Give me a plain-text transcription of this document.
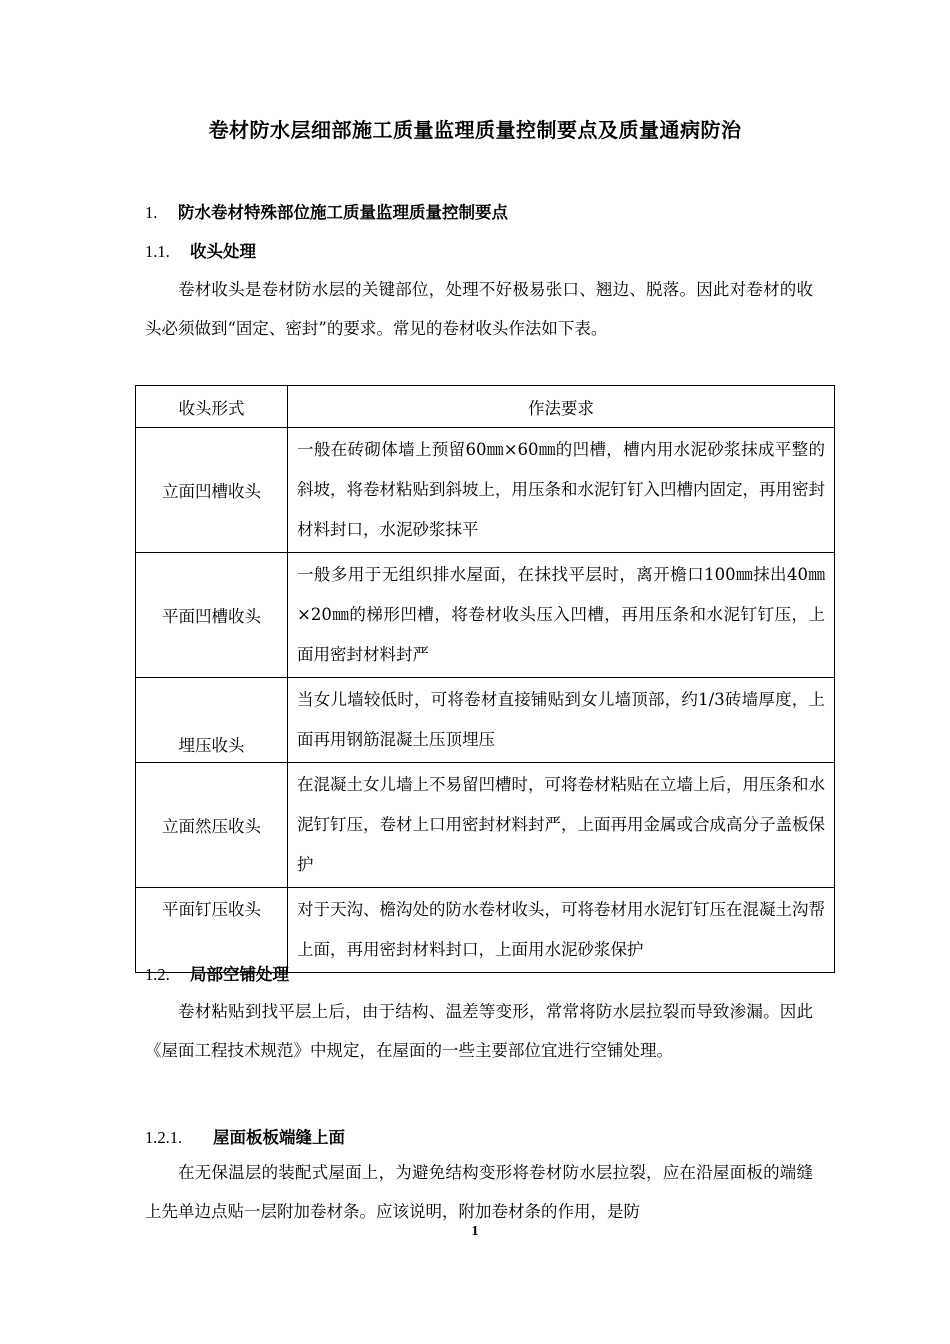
卷材防水层细部施工质量监理质量控制要点及质量通病防治
1. 防水卷材特殊部位施工质量监理质量控制要点
1.1. 收头处理
卷材收头是卷材防水层的关键部位，处理不好极易张口、翘边、脱落。因此对卷材的收头必须做到“固定、密封”的要求。常见的卷材收头作法如下表。
收头形式	作法要求
立面凹槽收头	一般在砖砌体墙上预留60㎜×60㎜的凹槽，槽内用水泥砂浆抹成平整的斜坡，将卷材粘贴到斜坡上，用压条和水泥钉钉入凹槽内固定，再用密封材料封口，水泥砂浆抹平
平面凹槽收头	一般多用于无组织排水屋面，在抹找平层时，离开檐口100㎜抹出40㎜×20㎜的梯形凹槽，将卷材收头压入凹槽，再用压条和水泥钉钉压，上面用密封材料封严
埋压收头	当女儿墙较低时，可将卷材直接铺贴到女儿墙顶部，约1/3砖墙厚度，上面再用钢筋混凝土压顶埋压
立面然压收头	在混凝土女儿墙上不易留凹槽时，可将卷材粘贴在立墙上后，用压条和水泥钉钉压，卷材上口用密封材料封严，上面再用金属或合成高分子盖板保护
平面钉压收头	对于天沟、檐沟处的防水卷材收头，可将卷材用水泥钉钉压在混凝土沟帮上面，再用密封材料封口，上面用水泥砂浆保护
1.2. 局部空铺处理
卷材粘贴到找平层上后，由于结构、温差等变形，常常将防水层拉裂而导致渗漏。因此《屋面工程技术规范》中规定，在屋面的一些主要部位宜进行空铺处理。
1.2.1. 屋面板板端缝上面
在无保温层的装配式屋面上，为避免结构变形将卷材防水层拉裂，应在沿屋面板的端缝上先单边点贴一层附加卷材条。应该说明，附加卷材条的作用，是防
1
